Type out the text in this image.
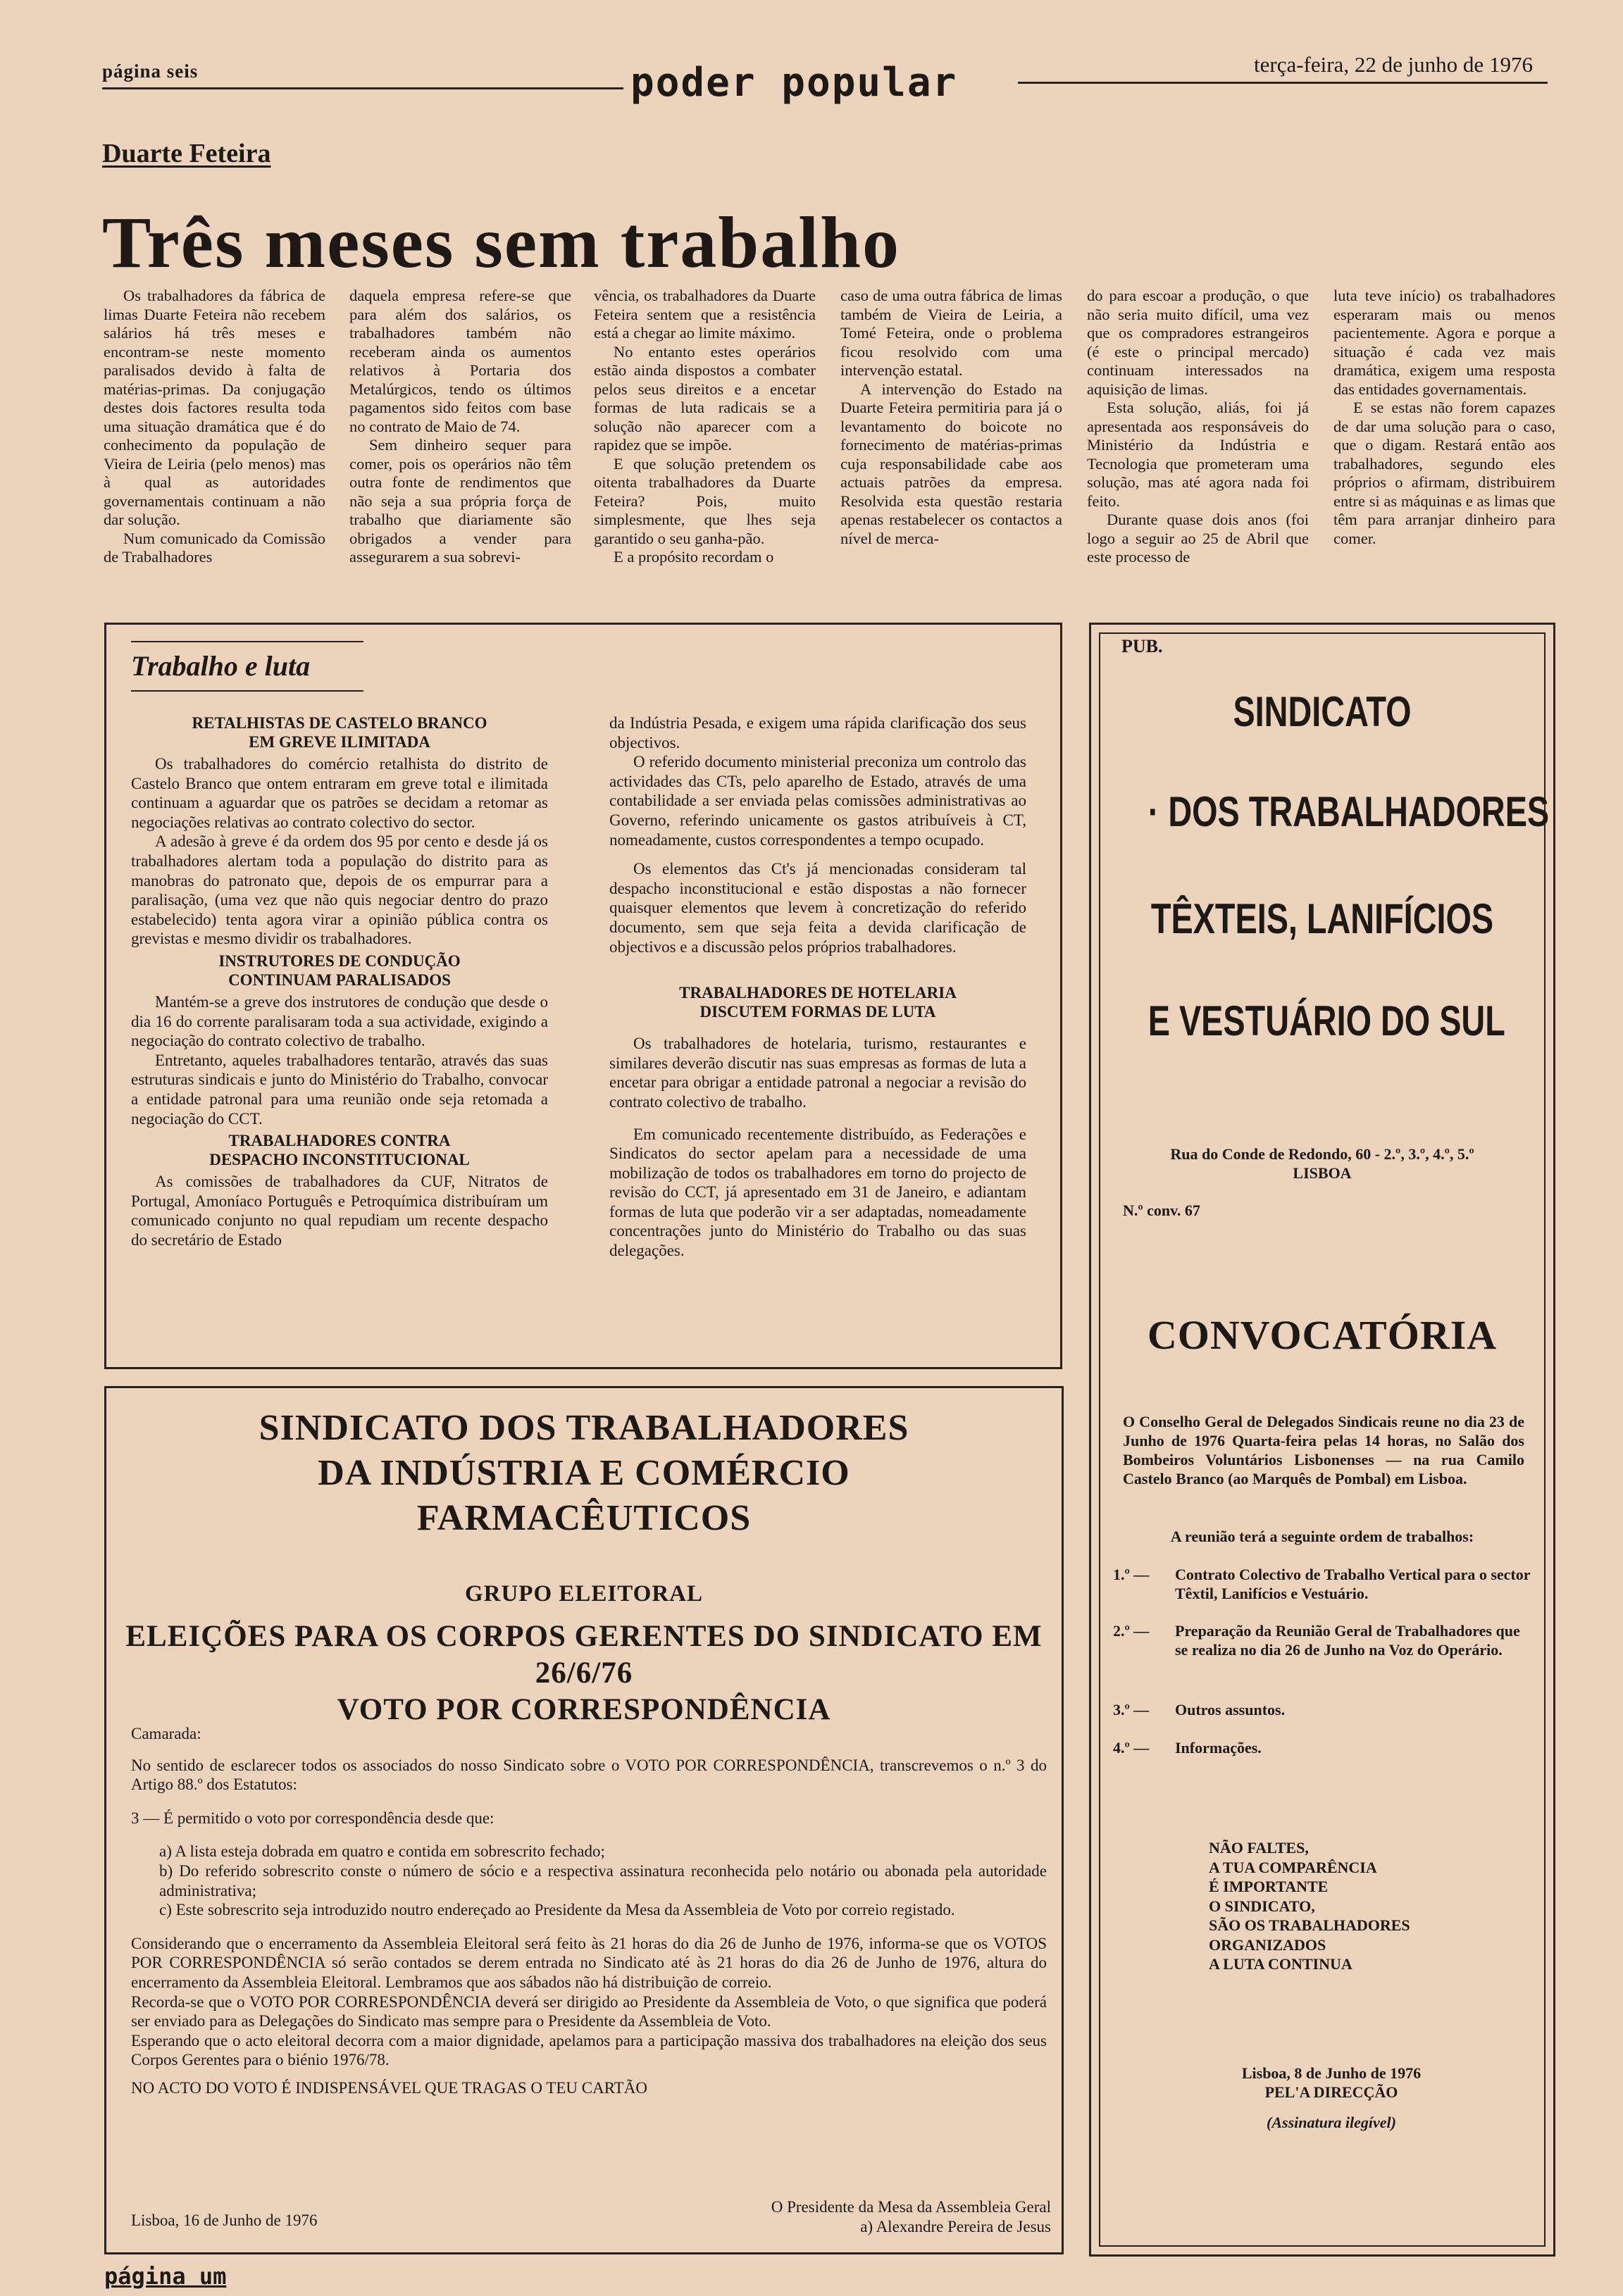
página seis	poder popular	terça-feira, 22 de junho de 1976
Duarte Feteira
Três meses sem trabalho

Os trabalhadores da fábrica de limas Duarte Feteira não recebem salários há três meses e encontram-se neste momento paralisados devido à falta de matérias-primas. Da conjugação destes dois factores resulta toda uma situação dramática que é do conhecimento da população de Vieira de Leiria (pelo menos) mas à qual as autoridades governamentais continuam a não dar solução.

Num comunicado da Comissão de Trabalhadores

daquela empresa refere-se que para além dos salários, os trabalhadores também não receberam ainda os aumentos relativos à Portaria dos Metalúrgicos, tendo os últimos pagamentos sido feitos com base no contrato de Maio de 74.

Sem dinheiro sequer para comer, pois os operários não têm outra fonte de rendimentos que não seja a sua própria força de trabalho que diariamente são obrigados a vender para assegurarem a sua sobrevi-

vência, os trabalhadores da Duarte Feteira sentem que a resistência está a chegar ao limite máximo.

No entanto estes operários estão ainda dispostos a combater pelos seus direitos e a encetar formas de luta radicais se a solução não aparecer com a rapidez que se impõe.

E que solução pretendem os oitenta trabalhadores da Duarte Feteira? Pois, muito simplesmente, que lhes seja garantido o seu ganha-pão.

E a propósito recordam o

caso de uma outra fábrica de limas também de Vieira de Leiria, a Tomé Feteira, onde o problema ficou resolvido com uma intervenção estatal.

A intervenção do Estado na Duarte Feteira permitiria para já o levantamento do boicote no fornecimento de matérias-primas cuja responsabilidade cabe aos actuais patrões da empresa. Resolvida esta questão restaria apenas restabelecer os contactos a nível de merca-

do para escoar a produção, o que não seria muito difícil, uma vez que os compradores estrangeiros (é este o principal mercado) continuam interessados na aquisição de limas.

Esta solução, aliás, foi já apresentada aos responsáveis do Ministério da Indústria e Tecnologia que prometeram uma solução, mas até agora nada foi feito.

Durante quase dois anos (foi logo a seguir ao 25 de Abril que este processo de

luta teve início) os trabalhadores esperaram mais ou menos pacientemente. Agora e porque a situação é cada vez mais dramática, exigem uma resposta das entidades governamentais.

E se estas não forem capazes de dar uma solução para o caso, que o digam. Restará então aos trabalhadores, segundo eles próprios o afirmam, distribuirem entre si as máquinas e as limas que têm para arranjar dinheiro para comer.

Trabalho e luta
RETALHISTAS DE CASTELO BRANCO
EM GREVE ILIMITADA

Os trabalhadores do comércio retalhista do distrito de Castelo Branco que ontem entraram em greve total e ilimitada continuam a aguardar que os patrões se decidam a retomar as negociações relativas ao contrato colectivo do sector.

A adesão à greve é da ordem dos 95 por cento e desde já os trabalhadores alertam toda a população do distrito para as manobras do patronato que, depois de os empurrar para a paralisação, (uma vez que não quis negociar dentro do prazo estabelecido) tenta agora virar a opinião pública contra os grevistas e mesmo dividir os trabalhadores.

INSTRUTORES DE CONDUÇÃO
CONTINUAM PARALISADOS

Mantém-se a greve dos instrutores de condução que desde o dia 16 do corrente paralisaram toda a sua actividade, exigindo a negociação do contrato colectivo de trabalho.

Entretanto, aqueles trabalhadores tentarão, através das suas estruturas sindicais e junto do Ministério do Trabalho, convocar a entidade patronal para uma reunião onde seja retomada a negociação do CCT.

TRABALHADORES CONTRA
DESPACHO INCONSTITUCIONAL

As comissões de trabalhadores da CUF, Nitratos de Portugal, Amoníaco Português e Petroquímica distribuíram um comunicado conjunto no qual repudiam um recente despacho do secretário de Estado

da Indústria Pesada, e exigem uma rápida clarificação dos seus objectivos.

O referido documento ministerial preconiza um controlo das actividades das CTs, pelo aparelho de Estado, através de uma contabilidade a ser enviada pelas comissões administrativas ao Governo, referindo unicamente os gastos atribuíveis à CT, nomeadamente, custos correspondentes a tempo ocupado.

Os elementos das Ct's já mencionadas consideram tal despacho inconstitucional e estão dispostas a não fornecer quaisquer elementos que levem à concretização do referido documento, sem que seja feita a devida clarificação de objectivos e a discussão pelos próprios trabalhadores.

TRABALHADORES DE HOTELARIA
DISCUTEM FORMAS DE LUTA

Os trabalhadores de hotelaria, turismo, restaurantes e similares deverão discutir nas suas empresas as formas de luta a encetar para obrigar a entidade patronal a negociar a revisão do contrato colectivo de trabalho.

Em comunicado recentemente distribuído, as Federações e Sindicatos do sector apelam para a necessidade de uma mobilização de todos os trabalhadores em torno do projecto de revisão do CCT, já apresentado em 31 de Janeiro, e adiantam formas de luta que poderão vir a ser adaptadas, nomeadamente concentrações junto do Ministério do Trabalho ou das suas delegações.

PUB.
SINDICATO
· DOS TRABALHADORES
TÊXTEIS, LANIFÍCIOS
E VESTUÁRIO DO SUL
Rua do Conde de Redondo, 60 - 2.º, 3.º, 4.º, 5.º
LISBOA
N.º conv. 67
CONVOCATÓRIA
O Conselho Geral de Delegados Sindicais reune no dia 23 de Junho de 1976 Quarta-feira pelas 14 horas, no Salão dos Bombeiros Voluntários Lisbonenses — na rua Camilo Castelo Branco (ao Marquês de Pombal) em Lisboa.
A reunião terá a seguinte ordem de trabalhos:
1.º — Contrato Colectivo de Trabalho Vertical para o sector Têxtil, Lanifícios e Vestuário.
2.º — Preparação da Reunião Geral de Trabalhadores que se realiza no dia 26 de Junho na Voz do Operário.
3.º — Outros assuntos.
4.º — Informações.
NÃO FALTES,
A TUA COMPARÊNCIA
É IMPORTANTE
O SINDICATO,
SÃO OS TRABALHADORES
ORGANIZADOS
A LUTA CONTINUA
Lisboa, 8 de Junho de 1976
PEL'A DIRECÇÃO
(Assinatura ilegível)
SINDICATO DOS TRABALHADORES
DA INDÚSTRIA E COMÉRCIO
FARMACÊUTICOS
GRUPO ELEITORAL
ELEIÇÕES PARA OS CORPOS GERENTES DO SINDICATO EM
26/6/76
VOTO POR CORRESPONDÊNCIA

Camarada:

No sentido de esclarecer todos os associados do nosso Sindicato sobre o VOTO POR CORRESPONDÊNCIA, transcrevemos o n.º 3 do Artigo 88.º dos Estatutos:

3 — É permitido o voto por correspondência desde que:

a) A lista esteja dobrada em quatro e contida em sobrescrito fechado;

b) Do referido sobrescrito conste o número de sócio e a respectiva assinatura reconhecida pelo notário ou abonada pela autoridade administrativa;

c) Este sobrescrito seja introduzido noutro endereçado ao Presidente da Mesa da Assembleia de Voto por correio registado.

Considerando que o encerramento da Assembleia Eleitoral será feito às 21 horas do dia 26 de Junho de 1976, informa-se que os VOTOS POR CORRESPONDÊNCIA só serão contados se derem entrada no Sindicato até às 21 horas do dia 26 de Junho de 1976, altura do encerramento da Assembleia Eleitoral. Lembramos que aos sábados não há distribuição de correio.

Recorda-se que o VOTO POR CORRESPONDÊNCIA deverá ser dirigido ao Presidente da Assembleia de Voto, o que significa que poderá ser enviado para as Delegações do Sindicato mas sempre para o Presidente da Assembleia de Voto.

Esperando que o acto eleitoral decorra com a maior dignidade, apelamos para a participação massiva dos trabalhadores na eleição dos seus Corpos Gerentes para o biénio 1976/78.

NO ACTO DO VOTO É INDISPENSÁVEL QUE TRAGAS O TEU CARTÃO

Lisboa, 16 de Junho de 1976
O Presidente da Mesa da Assembleia Geral
a) Alexandre Pereira de Jesus
página um
